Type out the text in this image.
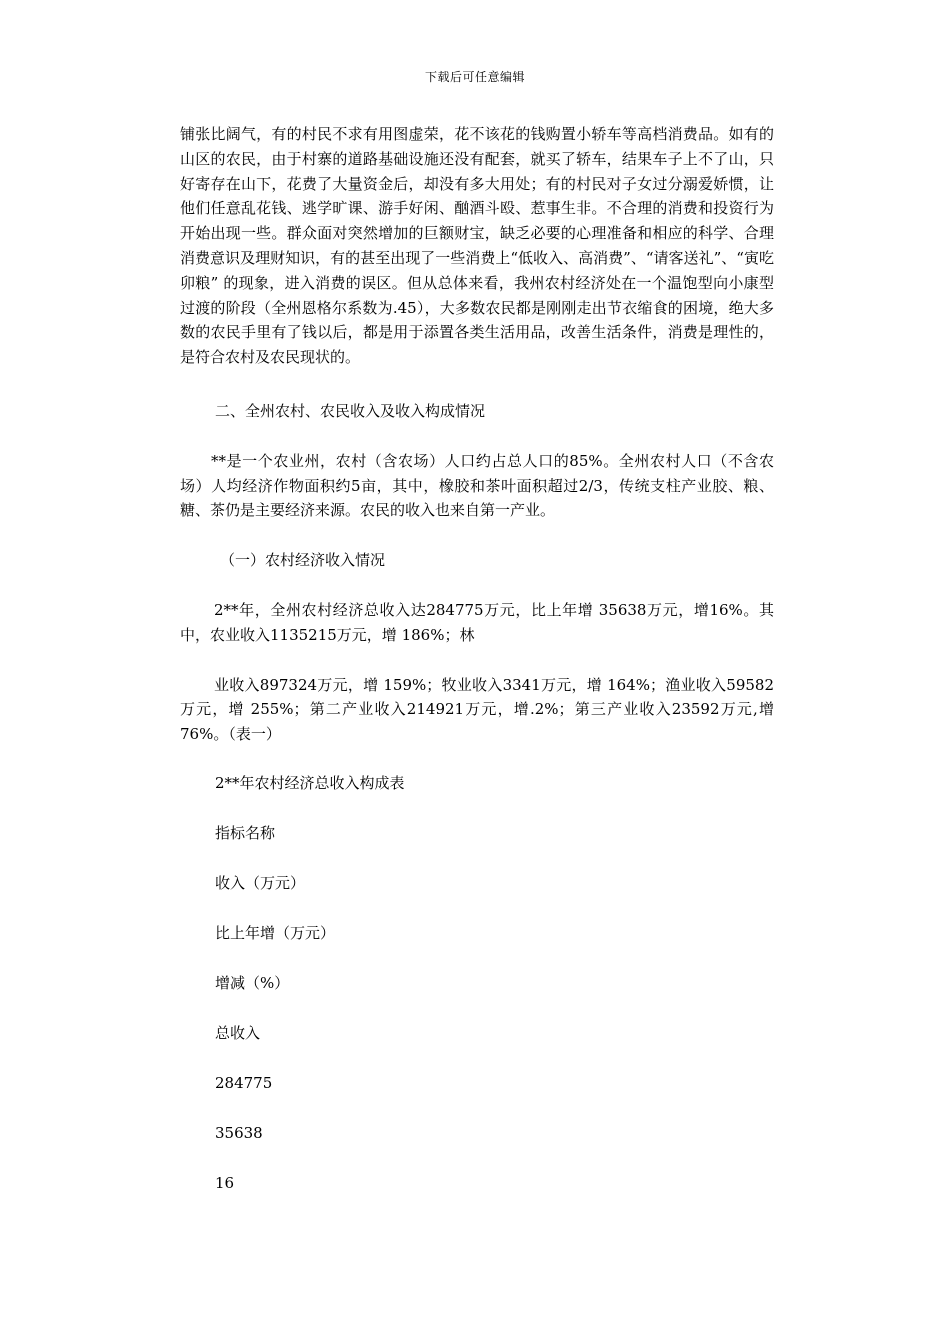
下载后可任意编辑

铺张比阔气，有的村民不求有用图虚荣，花不该花的钱购置小轿车等高档消费品。如有的山区的农民，由于村寨的道路基础设施还没有配套，就买了轿车，结果车子上不了山，只好寄存在山下，花费了大量资金后，却没有多大用处；有的村民对子女过分溺爱娇惯，让他们任意乱花钱、逃学旷课、游手好闲、酗酒斗殴、惹事生非。不合理的消费和投资行为开始出现一些。群众面对突然增加的巨额财宝，缺乏必要的心理准备和相应的科学、合理消费意识及理财知识，有的甚至出现了一些消费上“低收入、高消费”、“请客送礼”、“寅吃卯粮” 的现象，进入消费的误区。但从总体来看，我州农村经济处在一个温饱型向小康型过渡的阶段（全州恩格尔系数为.45），大多数农民都是刚刚走出节衣缩食的困境，绝大多数的农民手里有了钱以后，都是用于添置各类生活用品，改善生活条件，消费是理性的，是符合农村及农民现状的。

二、全州农村、农民收入及收入构成情况

**是一个农业州，农村（含农场）人口约占总人口的85%。全州农村人口（不含农场）人均经济作物面积约5亩，其中，橡胶和茶叶面积超过2/3，传统支柱产业胶、粮、糖、茶仍是主要经济来源。农民的收入也来自第一产业。

（一）农村经济收入情况

2**年，全州农村经济总收入达284775万元，比上年增 35638万元，增16%。其中，农业收入1135215万元，增 186%；林

业收入897324万元，增 159%；牧业收入3341万元，增 164%；渔业收入59582万元，增 255%；第二产业收入214921万元，增.2%；第三产业收入23592万元,增76%。（表一）

2**年农村经济总收入构成表

指标名称

收入（万元）

比上年增（万元）

增减（%）

总收入

284775

35638

16
